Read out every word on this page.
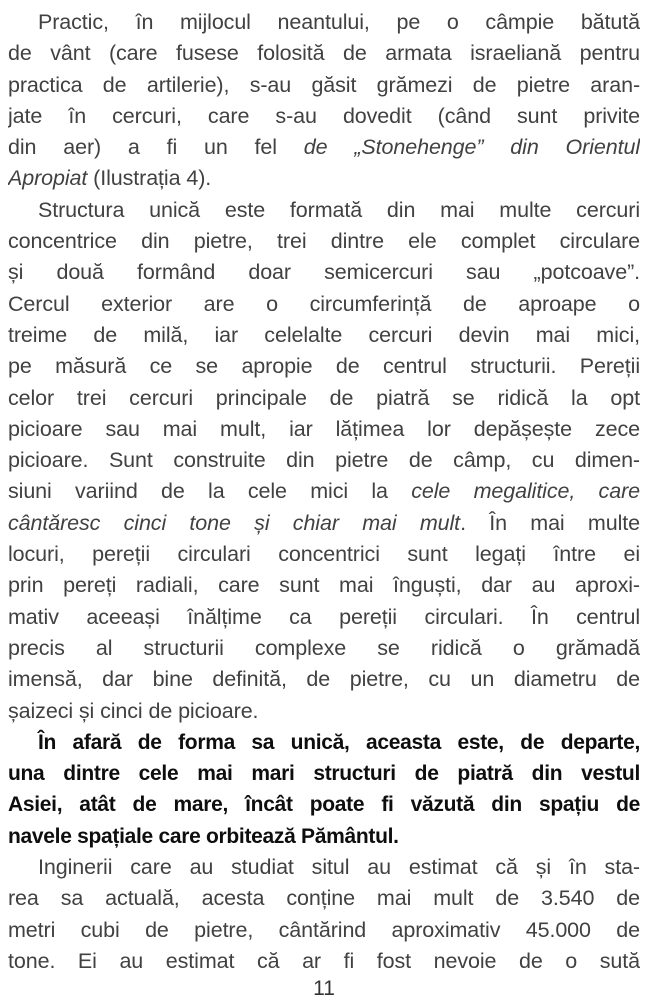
Practic, în mijlocul neantului, pe o câmpie bătută
de vânt (care fusese folosită de armata israeliană pentru
practica de artilerie), s-au găsit grămezi de pietre aran-
jate în cercuri, care s-au dovedit (când sunt privite
din aer) a fi un fel de „Stonehenge” din Orientul
Apropiat (Ilustrația 4).
Structura unică este formată din mai multe cercuri
concentrice din pietre, trei dintre ele complet circulare
și două formând doar semicercuri sau „potcoave”.
Cercul exterior are o circumferință de aproape o
treime de milă, iar celelalte cercuri devin mai mici,
pe măsură ce se apropie de centrul structurii. Pereții
celor trei cercuri principale de piatră se ridică la opt
picioare sau mai mult, iar lățimea lor depășește zece
picioare. Sunt construite din pietre de câmp, cu dimen-
siuni variind de la cele mici la cele megalitice, care
cântăresc cinci tone și chiar mai mult. În mai multe
locuri, pereții circulari concentrici sunt legați între ei
prin pereți radiali, care sunt mai înguști, dar au aproxi-
mativ aceeași înălțime ca pereții circulari. În centrul
precis al structurii complexe se ridică o grămadă
imensă, dar bine definită, de pietre, cu un diametru de
șaizeci și cinci de picioare.
În afară de forma sa unică, aceasta este, de departe,
una dintre cele mai mari structuri de piatră din vestul
Asiei, atât de mare, încât poate fi văzută din spațiu de
navele spațiale care orbitează Pământul.
Inginerii care au studiat situl au estimat că și în sta-
rea sa actuală, acesta conține mai mult de 3.540 de
metri cubi de pietre, cântărind aproximativ 45.000 de
tone. Ei au estimat că ar fi fost nevoie de o sută
11
